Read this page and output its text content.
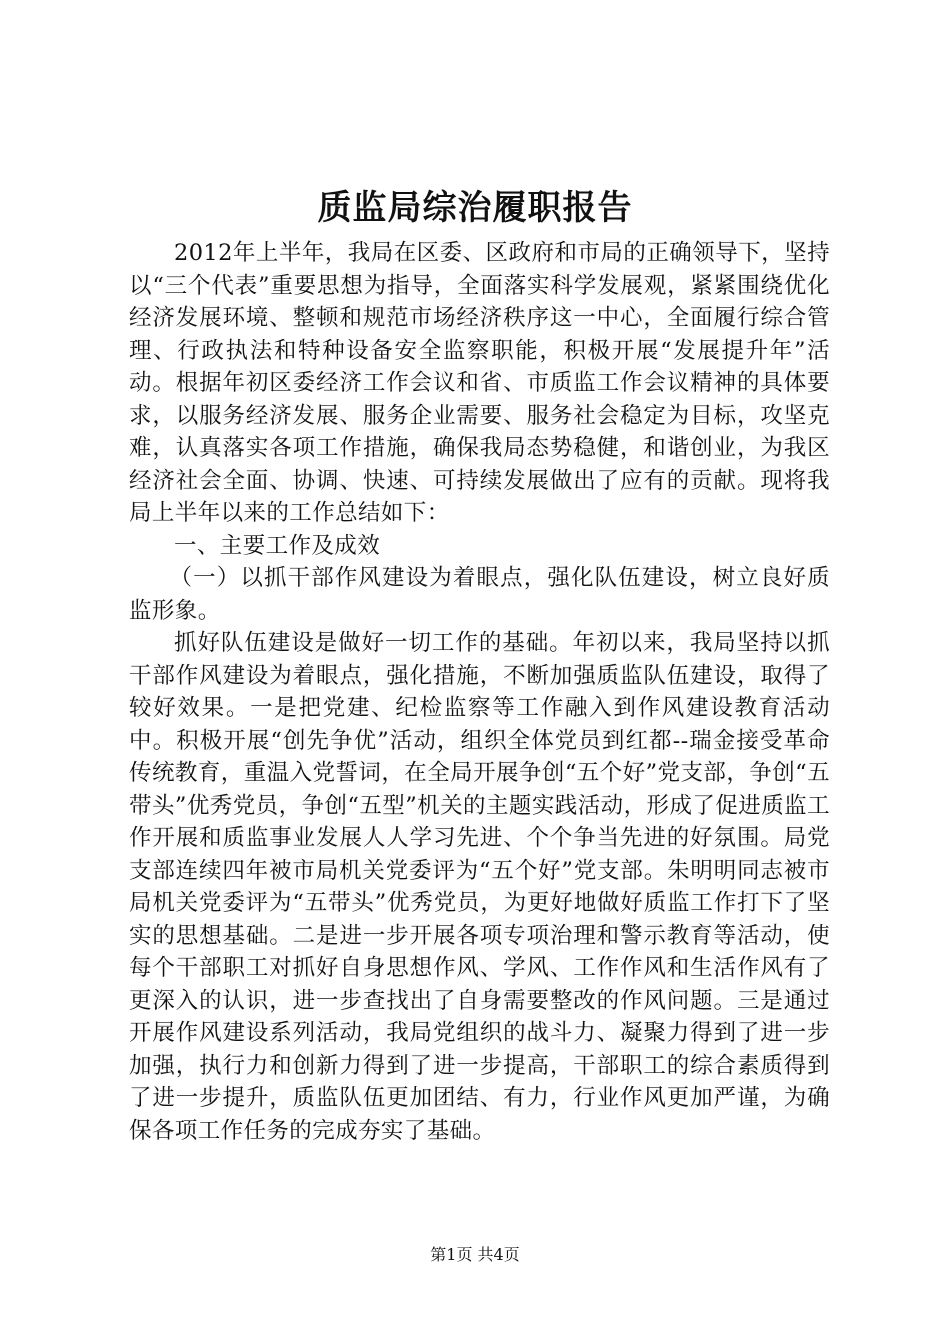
质监局综治履职报告

2012年上半年，我局在区委、区政府和市局的正确领导下，坚持以“三个代表”重要思想为指导，全面落实科学发展观，紧紧围绕优化经济发展环境、整顿和规范市场经济秩序这一中心，全面履行综合管理、行政执法和特种设备安全监察职能，积极开展“发展提升年”活动。根据年初区委经济工作会议和省、市质监工作会议精神的具体要求，以服务经济发展、服务企业需要、服务社会稳定为目标，攻坚克难，认真落实各项工作措施，确保我局态势稳健，和谐创业，为我区经济社会全面、协调、快速、可持续发展做出了应有的贡献。现将我局上半年以来的工作总结如下：

一、主要工作及成效

（一）以抓干部作风建设为着眼点，强化队伍建设，树立良好质监形象。

抓好队伍建设是做好一切工作的基础。年初以来，我局坚持以抓干部作风建设为着眼点，强化措施，不断加强质监队伍建设，取得了较好效果。一是把党建、纪检监察等工作融入到作风建设教育活动中。积极开展“创先争优”活动，组织全体党员到红都--瑞金接受革命传统教育，重温入党誓词，在全局开展争创“五个好”党支部，争创“五带头”优秀党员，争创“五型”机关的主题实践活动，形成了促进质监工作开展和质监事业发展人人学习先进、个个争当先进的好氛围。局党支部连续四年被市局机关党委评为“五个好”党支部。朱明明同志被市局机关党委评为“五带头”优秀党员，为更好地做好质监工作打下了坚实的思想基础。二是进一步开展各项专项治理和警示教育等活动，使每个干部职工对抓好自身思想作风、学风、工作作风和生活作风有了更深入的认识，进一步查找出了自身需要整改的作风问题。三是通过开展作风建设系列活动，我局党组织的战斗力、凝聚力得到了进一步加强，执行力和创新力得到了进一步提高，干部职工的综合素质得到了进一步提升，质监队伍更加团结、有力，行业作风更加严谨，为确保各项工作任务的完成夯实了基础。

第1页 共4页
